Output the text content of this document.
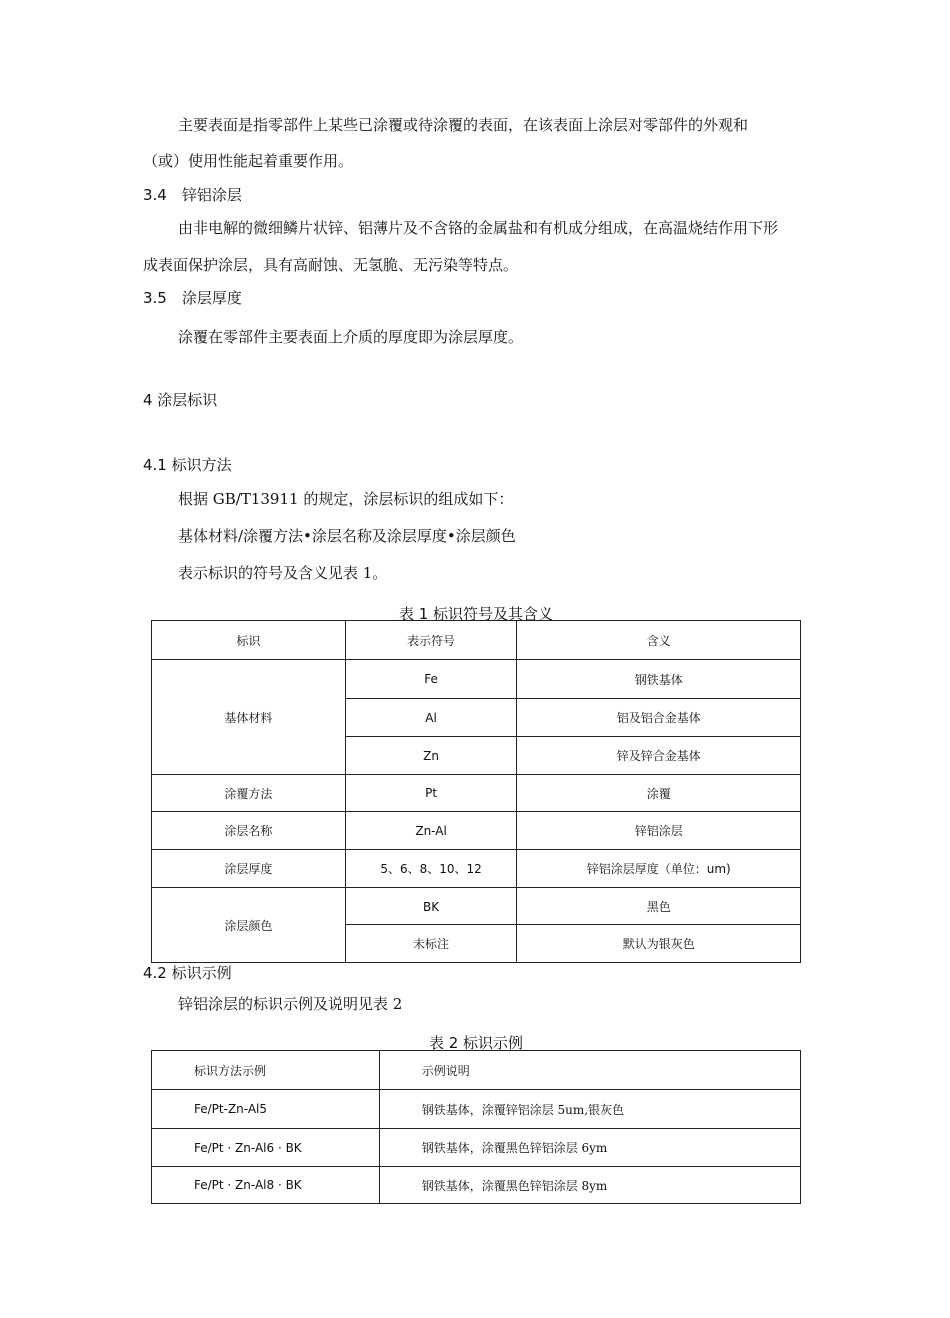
主要表面是指零部件上某些已涂覆或待涂覆的表面，在该表面上涂层对零部件的外观和
（或）使用性能起着重要作用。
3.4　锌铝涂层
由非电解的微细鳞片状锌、铝薄片及不含铬的金属盐和有机成分组成，在高温烧结作用下形
成表面保护涂层，具有高耐蚀、无氢脆、无污染等特点。
3.5　涂层厚度
涂覆在零部件主要表面上介质的厚度即为涂层厚度。
4 涂层标识
4.1 标识方法
根据 GB/T13911 的规定，涂层标识的组成如下：
基体材料/涂覆方法•涂层名称及涂层厚度•涂层颜色
表示标识的符号及含义见表 1。
表 1 标识符号及其含义
标识	表示符号	含义
基体材料	Fe	钢铁基体
	Al	铝及铝合金基体
	Zn	锌及锌合金基体
涂覆方法	Pt	涂覆
涂层名称	Zn-Al	锌铝涂层
涂层厚度	5、6、8、10、12	锌铝涂层厚度（单位：um)
涂层颜色	BK	黑色
	未标注	默认为银灰色
4.2 标识示例
锌铝涂层的标识示例及说明见表 2
表 2 标识示例
标识方法示例	示例说明
Fe/Pt-Zn-Al5	钢铁基体，涂覆锌铝涂层 5um,银灰色
Fe/Pt · Zn-Al6 · BK	钢铁基体，涂覆黑色锌铝涂层 6ym
Fe/Pt · Zn-Al8 · BK	钢铁基体，涂覆黑色锌铝涂层 8ym
